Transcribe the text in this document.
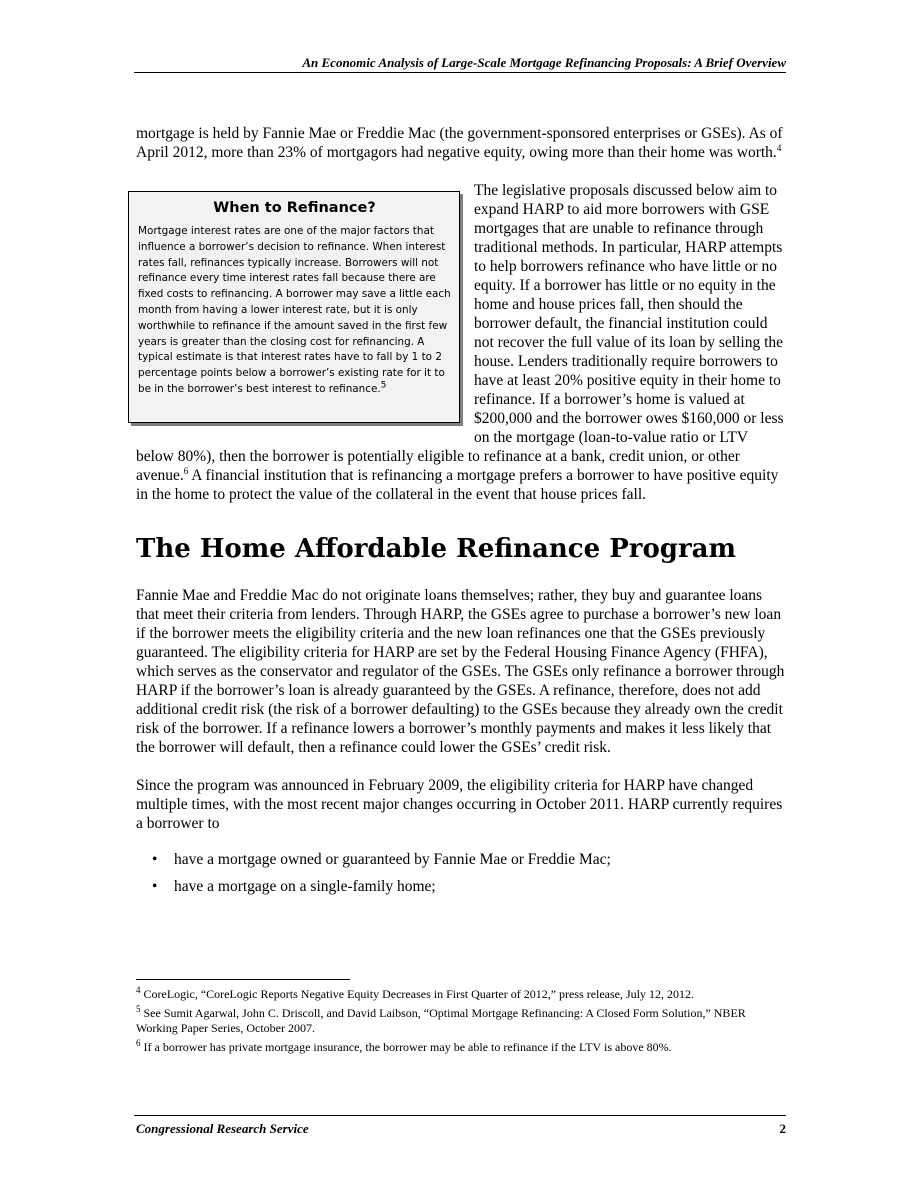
An Economic Analysis of Large-Scale Mortgage Refinancing Proposals: A Brief Overview

mortgage is held by Fannie Mae or Freddie Mac (the government-sponsored enterprises or GSEs). As of April 2012, more than 23% of mortgagors had negative equity, owing more than their home was worth.$^4$

When to Refinance?
Mortgage interest rates are one of the major factors that influence a borrower’s decision to refinance. When interest rates fall, refinances typically increase. Borrowers will not refinance every time interest rates fall because there are fixed costs to refinancing. A borrower may save a little each month from having a lower interest rate, but it is only worthwhile to refinance if the amount saved in the first few years is greater than the closing cost for refinancing. A typical estimate is that interest rates have to fall by 1 to 2 percentage points below a borrower’s existing rate for it to be in the borrower’s best interest to refinance.$^5$

The legislative proposals discussed below aim to expand HARP to aid more borrowers with GSE mortgages that are unable to refinance through traditional methods. In particular, HARP attempts to help borrowers refinance who have little or no equity. If a borrower has little or no equity in the home and house prices fall, then should the borrower default, the financial institution could not recover the full value of its loan by selling the house. Lenders traditionally require borrowers to have at least 20% positive equity in their home to refinance. If a borrower’s home is valued at $200,000 and the borrower owes $160,000 or less on the mortgage (loan-to-value ratio or LTV below 80%), then the borrower is potentially eligible to refinance at a bank, credit union, or other avenue.$^6$ A financial institution that is refinancing a mortgage prefers a borrower to have positive equity in the home to protect the value of the collateral in the event that house prices fall.

The Home Affordable Refinance Program

Fannie Mae and Freddie Mac do not originate loans themselves; rather, they buy and guarantee loans that meet their criteria from lenders. Through HARP, the GSEs agree to purchase a borrower’s new loan if the borrower meets the eligibility criteria and the new loan refinances one that the GSEs previously guaranteed. The eligibility criteria for HARP are set by the Federal Housing Finance Agency (FHFA), which serves as the conservator and regulator of the GSEs. The GSEs only refinance a borrower through HARP if the borrower’s loan is already guaranteed by the GSEs. A refinance, therefore, does not add additional credit risk (the risk of a borrower defaulting) to the GSEs because they already own the credit risk of the borrower. If a refinance lowers a borrower’s monthly payments and makes it less likely that the borrower will default, then a refinance could lower the GSEs’ credit risk.

Since the program was announced in February 2009, the eligibility criteria for HARP have changed multiple times, with the most recent major changes occurring in October 2011. HARP currently requires a borrower to

• have a mortgage owned or guaranteed by Fannie Mae or Freddie Mac;
• have a mortgage on a single-family home;

$^4$ CoreLogic, “CoreLogic Reports Negative Equity Decreases in First Quarter of 2012,” press release, July 12, 2012.

$^5$ See Sumit Agarwal, John C. Driscoll, and David Laibson, “Optimal Mortgage Refinancing: A Closed Form Solution,” NBER Working Paper Series, October 2007.

$^6$ If a borrower has private mortgage insurance, the borrower may be able to refinance if the LTV is above 80%.

Congressional Research Service	2
